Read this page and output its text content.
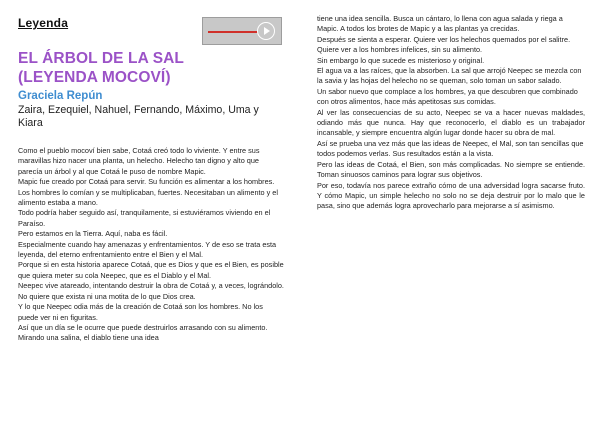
Leyenda

EL ÁRBOL DE LA SAL
(LEYENDA MOCOVÍ)

Graciela Repún

Zaira, Ezequiel, Nahuel, Fernando, Máximo, Uma y Kiara

Como el pueblo mocoví bien sabe, Cotaá creó todo lo viviente. Y entre sus maravillas hizo nacer una planta, un helecho. Helecho tan digno y alto que parecía un árbol y al que Cotaá le puso de nombre Mapic.

Mapic fue creado por Cotaá para servir. Su función es alimentar a los hombres.

Los hombres lo comían y se multiplicaban, fuertes. Necesitaban un alimento y el alimento estaba a mano.

Todo podría haber seguido así, tranquilamente, si estuviéramos viviendo en el Paraíso.

Pero estamos en la Tierra. Aquí, naba es fácil.

Especialmente cuando hay amenazas y enfrentamientos. Y de eso se trata esta leyenda, del eterno enfrentamiento entre el Bien y el Mal.

Porque si en esta historia aparece Cotaá, que es Dios y que es el Bien, es posible que quiera meter su cola Neepec, que es el Diablo y el Mal.

Neepec vive atareado, intentando destruir la obra de Cotaá y, a veces, lográndolo. No quiere que exista ni una motita de lo que Dios crea.

Y lo que Neepec odia más de la creación de Cotaá son los hombres. No los puede ver ni en figuritas.

Así que un día se le ocurre que puede destruirlos arrasando con su alimento. Mirando una salina, el diablo tiene una idea

tiene una idea sencilla. Busca un cántaro, lo llena con agua salada y riega a Mapic. A todos los brotes de Mapic y a las plantas ya crecidas.

Después se sienta a esperar. Quiere ver los helechos quemados por el salitre.

Quiere ver a los hombres infelices, sin su alimento.

Sin embargo lo que sucede es misterioso y original.

El agua va a las raíces, que la absorben. La sal que arrojó Neepec se mezcla con la savia y las hojas del helecho no se queman, solo toman un sabor salado.

Un sabor nuevo que complace a los hombres, ya que descubren que combinado con otros alimentos, hace más apetitosas sus comidas.

Al ver las consecuencias de su acto, Neepec se va a hacer nuevas maldades, odiando más que nunca. Hay que reconocerlo, el diablo es un trabajador incansable, y siempre encuentra algún lugar donde hacer su obra de mal.

Así se prueba una vez más que las ideas de Neepec, el Mal, son tan sencillas que todos podemos verlas. Sus resultados están a la vista.

Pero las ideas de Cotaá, el Bien, son más complicadas. No siempre se entiende. Toman sinuosos caminos para lograr sus objetivos.

Por eso, todavía nos parece extraño cómo de una adversidad logra sacarse fruto. Y cómo Mapic, un simple helecho no solo no se deja destruir por lo malo que le pasa, sino que además logra aprovecharlo para mejorarse a sí asimismo.
